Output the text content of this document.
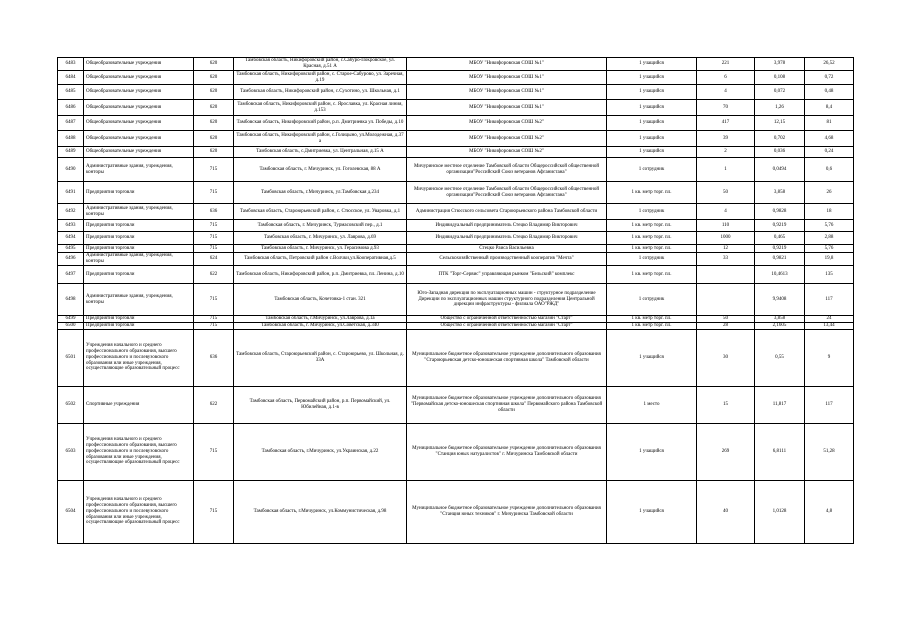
6483	Общеобразовательные учреждения	620	Тамбовская область, Никифоровский район, с.Сабуро-Покровское, ул. Красная, д.51 А	МБОУ "Никифоровская СОШ №1"	1 учащийся	221	3,978	26,52
6484	Общеобразовательные учреждения	620	Тамбовская область, Никифоровский район, с. Старое-Сабурово, ул. Заречная, д.19	МБОУ "Никифоровская СОШ №1"	1 учащийся	6	0,108	0,72
6485	Общеобразовательные учреждения	620	Тамбовская область, Никифоровский район, с.Сухотино, ул. Школьная, д.1	МБОУ "Никифоровская СОШ №1"	1 учащийся	4	0,072	0,48
6486	Общеобразовательные учреждения	620	Тамбовская область, Никифоровский район, с. Ярославка, ул. Красная линия, д.153	МБОУ "Никифоровская СОШ №1"	1 учащийся	70	1,26	8,4
6487	Общеобразовательные учреждения	620	Тамбовская область, Никифоровский район, р.п. Дмитриевка ул. Победы, д.10	МБОУ "Никифоровская СОШ №2"	1 учащийся	417	12,15	81
6488	Общеобразовательные учреждения	620	Тамбовская область, Никифоровский район, с.Голицыно, ул.Молодежная, д.37 а	МБОУ "Никифоровская СОШ №2"	1 учащийся	39	0,702	4,68
6489	Общеобразовательные учреждения	620	Тамбовская область, с.Дмитриевка, ул. Центральная, д.15 А	МБОУ "Никифоровская СОШ №2"	1 учащийся	2	0,036	0,24
6490	Административные здания, учреждения, конторы	715	Тамбовская область, г. Мичуринск, ул. Гоголевская, 88 А	Мичуринское местное отделение Тамбовской области Общероссийской общественной организации"Российский Союз ветеранов Афганистана"	1 сотрудник	1	0,0494	0,6
6491	Предприятия торговли	715	Тамбовская область, г.Мичуринск, ул.Тамбовская д.234	Мичуринское местное отделение Тамбовской области Общероссийской общественной организации"Российский Союз ветеранов Афганистана"	1 кв. метр торг. пл.	50	3,858	26
6492	Административные здания, учреждения, конторы	636	Тамбовская область, Староюрьевский район, с. Стюсское, ул. Уваровка, д.1	Администрация Стюсского сельсовета Староюрьевского района Тамбовской области	1 сотрудник	4	0,9828	18
6493	Предприятия торговли	715	Тамбовская область, г. Мичуринск, Турмасовский пер., д.1	Индивидуальный предприниматель Стецко Владимир Викторович	1 кв. метр торг. пл.	110	0,9219	5,76
6494	Предприятия торговли	715	Тамбовская область, г. Мичуринск, ул. Лаврова, д.69	Индивидуальный предприниматель Стецко Владимир Викторович	1 кв. метр торг. пл.	1000	0,465	2,88
6495	Предприятия торговли	715	Тамбовская область, г. Мичуринск, ул. Герасимова д.93	Стецко Раиса Васильевна	1 кв. метр торг. пл.	12	0,9219	5,76
6496	Административные здания, учреждения, конторы	624	Тамбовская область, Петровский район с.Волчки,ул.Кооперативная,д.5	Сельскохозяйственный производственный кооператив "Мечта"	1 сотрудник	33	0,9821	19,8
6497	Предприятия торговли	622	Тамбовская область, Никифоровский район, р.п. Дмитриевка, пл. Ленина, д.10	ПТК "Торг-Сервис" управляющая рынком "Бельский" комплекс	1 кв. метр торг. пл.		10,4613	135
6498	Административные здания, учреждения, конторы	715	Тамбовская область, Кочетовка-1 стан. 321	Юго-Западная дирекция по эксплуатационных машин - структурное подразделение Дирекции по эксплуатационных машин структурного подразделения Центральной дирекции инфраструктуры - филиала ОАО"РЖД"	1 сотрудник		9,9408	117
6499	Предприятия торговли	715	Тамбовская область, г.Мичуринск, ул.Лаврова, д.1а	Общество с ограниченной ответственностью магазин "Старт"	1 кв. метр торг. пл.	50	3,858	24
6500	Предприятия торговли	715	Тамбовская область, г. Мичуринск, ул.Советская, д.340	Общество с ограниченной ответственностью магазин "Старт"	1 кв. метр торг. пл.	28	2,1605	13,44
6501	Учреждения начального и среднего профессионального образования, высшего профессионального и послевузовского образования или иные учреждения, осуществляющие образовательный процесс	636	Тамбовская область, Староюрьевский район, с. Староюрьево, ул. Школьная, д. 33А	Муниципальное бюджетное образовательное учреждение дополнительного образования "Староюрьевская детско-юношеская спортивная школа" Тамбовской области	1 учащийся	30	0,55	9
6502	Спортивные учреждения	622	Тамбовская область, Первомайский район, р.п. Первомайский, ул. Юбилейная, д.1-в	Муниципальное бюджетное образовательное учреждение дополнительного образования "Первомайская детско-юношеская спортивная школа" Первомайского района Тамбовской области	1 место	15	11,817	117
6503	Учреждения начального и среднего профессионального образования, высшего профессионального и послевузовского образования или иные учреждения, осуществляющие образовательный процесс	715	Тамбовская область, г.Мичуринск, ул.Украинская, д.22	Муниципальное бюджетное образовательное учреждение дополнительного образования "Станция юных натуралистов" г. Мичуринска Тамбовской области	1 учащийся	269	6,8111	51,28
6504	Учреждения начального и среднего профессионального образования, высшего профессионального и послевузовского образования или иные учреждения, осуществляющие образовательный процесс	715	Тамбовская область, г.Мичуринск, ул.Коммунистическая, д.98	Муниципальное бюджетное образовательное учреждение дополнительного образования "Станция юных техников" г. Мичуринска Тамбовской области	1 учащийся	40	1,0128	4,8
